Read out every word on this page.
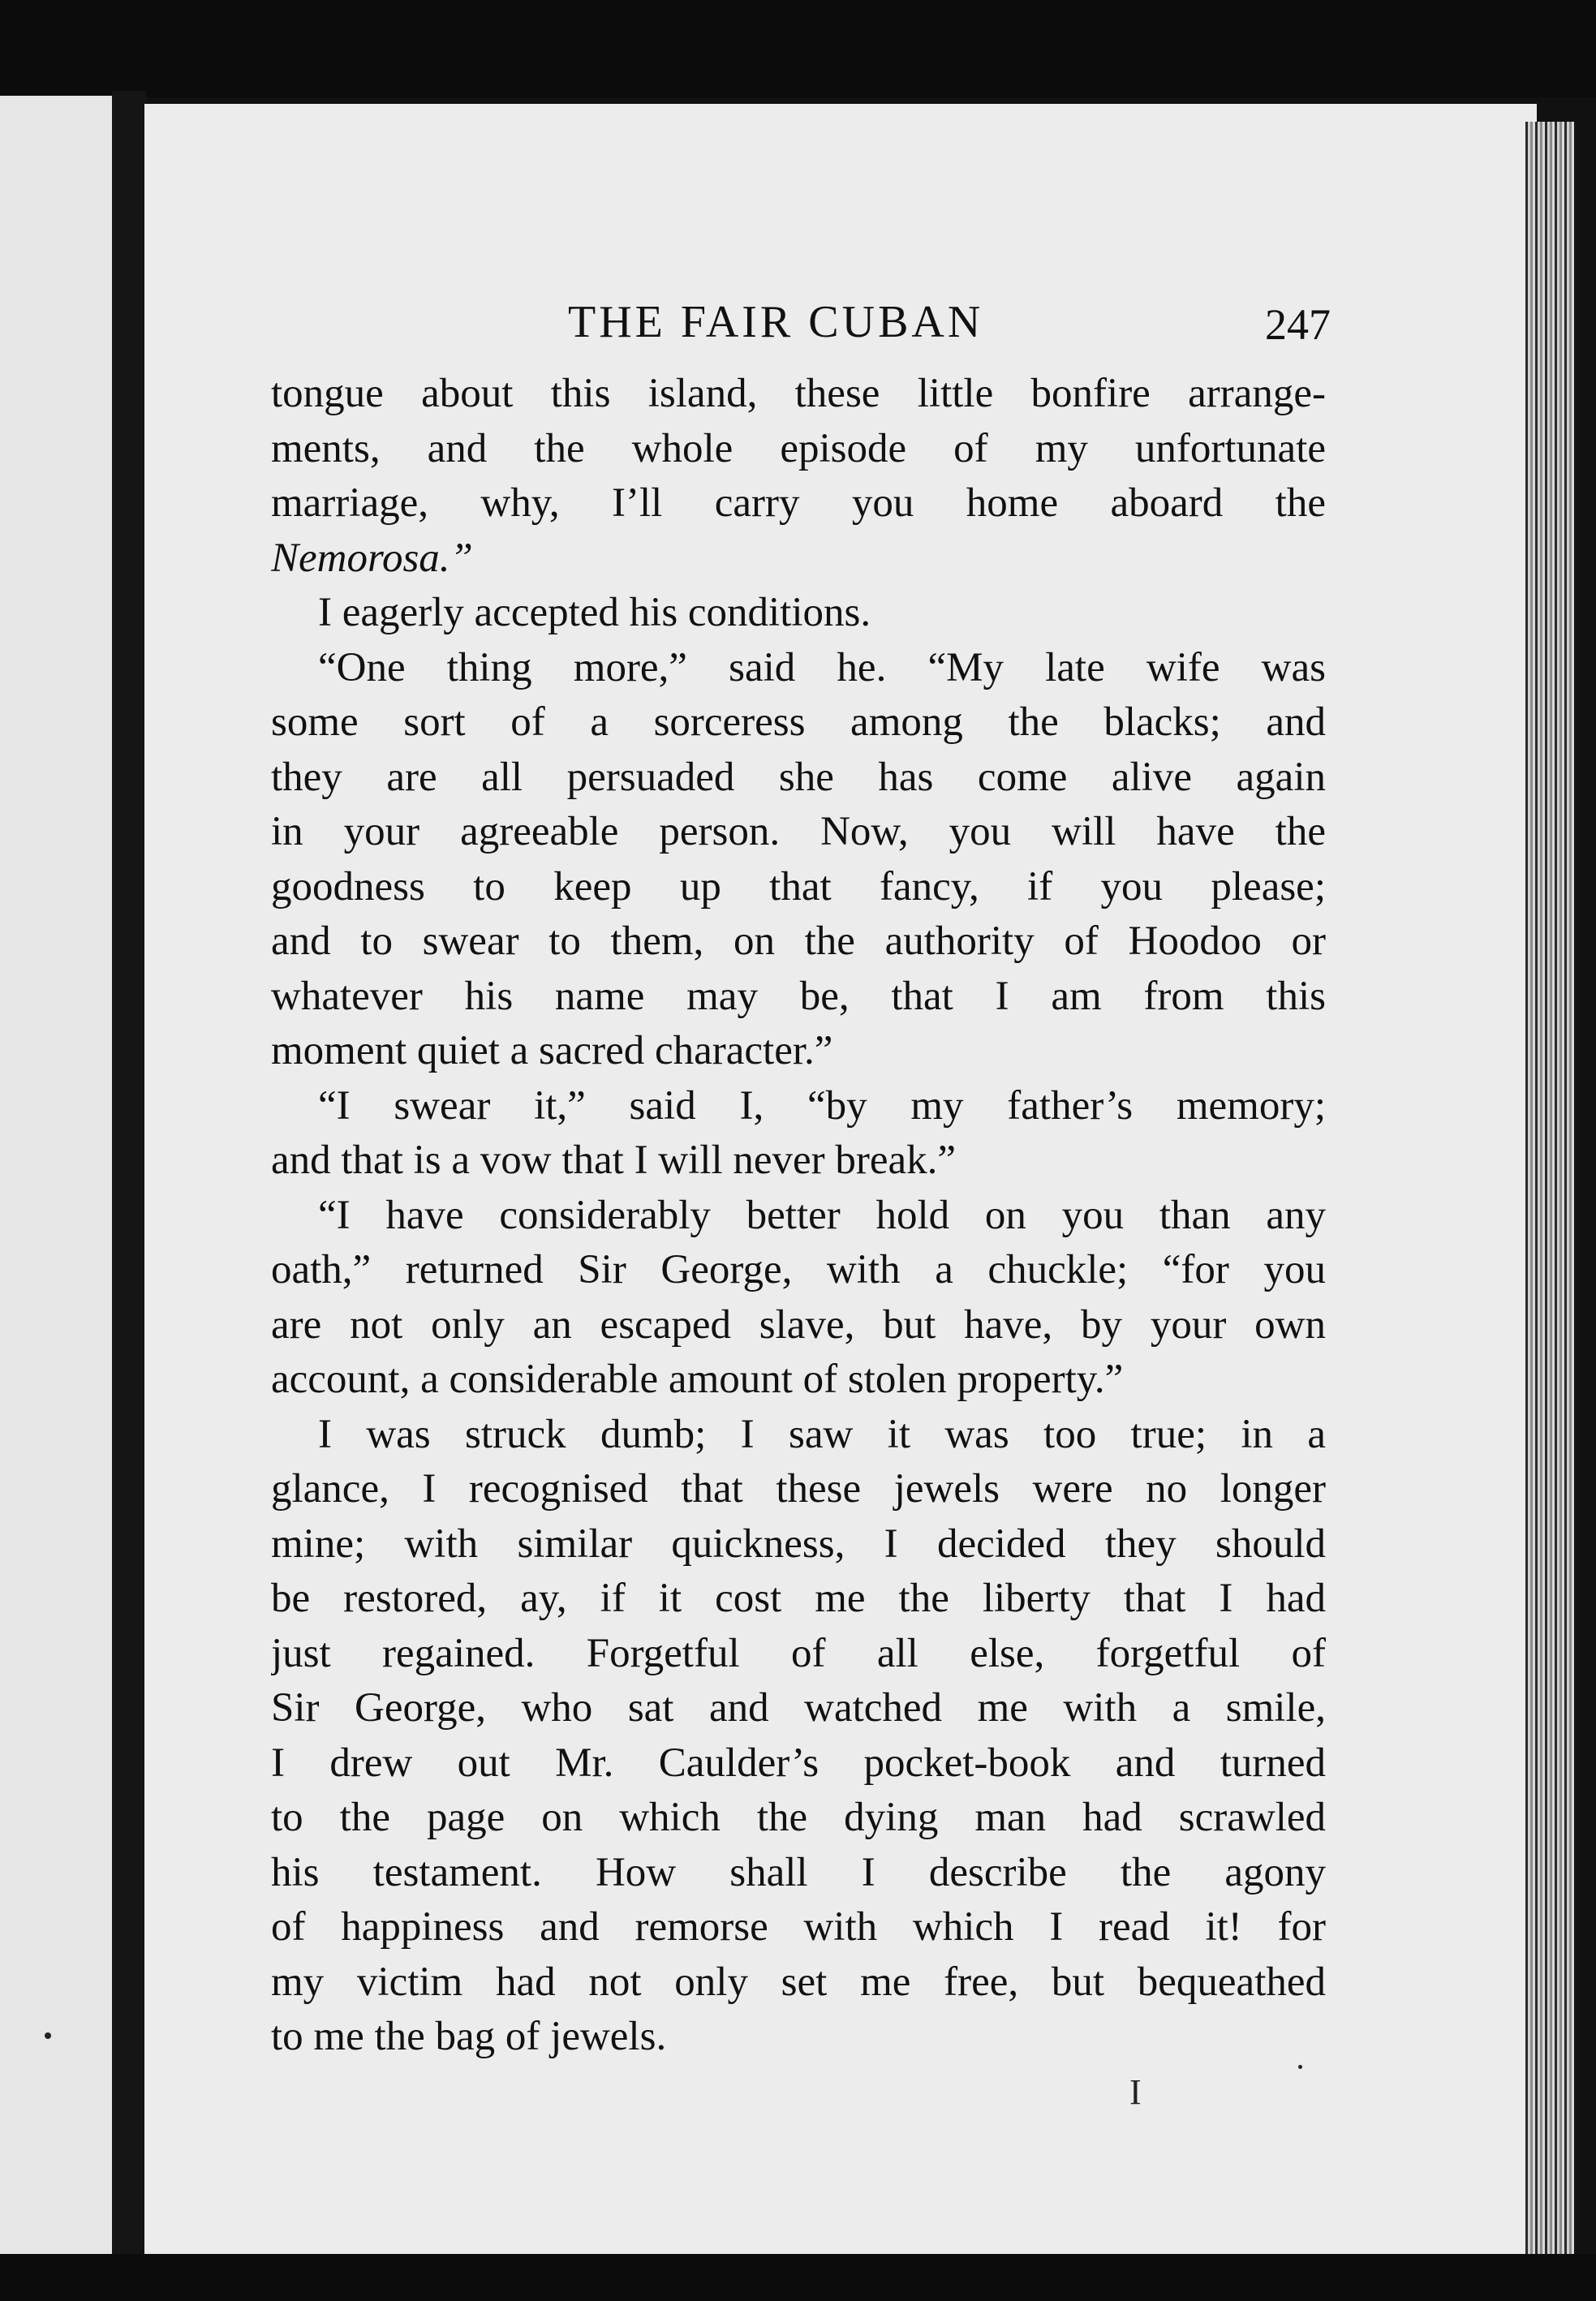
THE FAIR CUBAN	247
tongue about this island, these little bonfire arrange-
ments, and the whole episode of my unfortunate
marriage, why, I’ll carry you home aboard the
Nemorosa.”
I eagerly accepted his conditions.
“One thing more,” said he. “My late wife was
some sort of a sorceress among the blacks; and
they are all persuaded she has come alive again
in your agreeable person. Now, you will have the
goodness to keep up that fancy, if you please;
and to swear to them, on the authority of Hoodoo or
whatever his name may be, that I am from this
moment quiet a sacred character.”
“I swear it,” said I, “by my father’s memory;
and that is a vow that I will never break.”
“I have considerably better hold on you than any
oath,” returned Sir George, with a chuckle; “for you
are not only an escaped slave, but have, by your own
account, a considerable amount of stolen property.”
I was struck dumb; I saw it was too true; in a
glance, I recognised that these jewels were no longer
mine; with similar quickness, I decided they should
be restored, ay, if it cost me the liberty that I had
just regained. Forgetful of all else, forgetful of
Sir George, who sat and watched me with a smile,
I drew out Mr. Caulder’s pocket-book and turned
to the page on which the dying man had scrawled
his testament. How shall I describe the agony
of happiness and remorse with which I read it! for
my victim had not only set me free, but bequeathed
to me the bag of jewels.
I
